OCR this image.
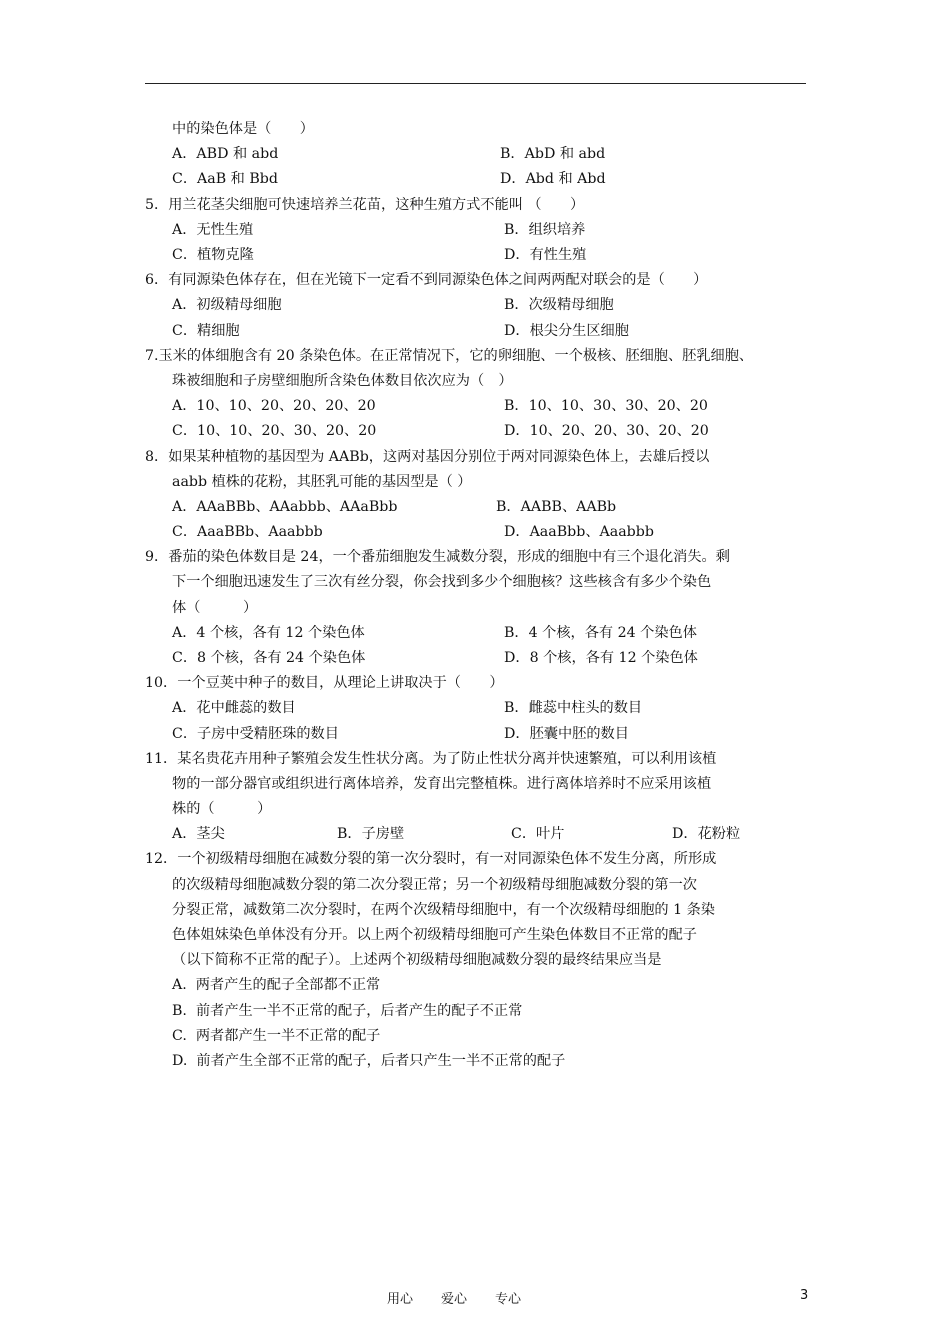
中的染色体是（　　）
A．ABD 和 abd	B．AbD 和 abd
C．AaB 和 Bbd	D．Abd 和 Abd
5．用兰花茎尖细胞可快速培养兰花苗，这种生殖方式不能叫 （　　）
A．无性生殖	B．组织培养
C．植物克隆	D．有性生殖
6．有同源染色体存在，但在光镜下一定看不到同源染色体之间两两配对联会的是（　　）
A．初级精母细胞	B．次级精母细胞
C．精细胞	D．根尖分生区细胞
7.玉米的体细胞含有 20 条染色体。在正常情况下，它的卵细胞、一个极核、胚细胞、胚乳细胞、
珠被细胞和子房壁细胞所含染色体数目依次应为（　）
A．10、10、20、20、20、20	B．10、10、30、30、20、20
C．10、10、20、30、20、20	D．10、20、20、30、20、20
8．如果某种植物的基因型为 AABb，这两对基因分别位于两对同源染色体上，去雄后授以
aabb 植株的花粉，其胚乳可能的基因型是（ ）
A．AAaBBb、AAabbb、AAaBbb	B．AABB、AABb
C．AaaBBb、Aaabbb	D．AaaBbb、Aaabbb
9．番茄的染色体数目是 24，一个番茄细胞发生减数分裂，形成的细胞中有三个退化消失。剩
下一个细胞迅速发生了三次有丝分裂，你会找到多少个细胞核？这些核含有多少个染色
体（　　　）
A．4 个核，各有 12 个染色体	B．4 个核，各有 24 个染色体
C．8 个核，各有 24 个染色体	D．8 个核，各有 12 个染色体
10．一个豆荚中种子的数目，从理论上讲取决于（　　）
A．花中雌蕊的数目	B．雌蕊中柱头的数目
C．子房中受精胚珠的数目	D．胚囊中胚的数目
11．某名贵花卉用种子繁殖会发生性状分离。为了防止性状分离并快速繁殖，可以利用该植
物的一部分器官或组织进行离体培养，发育出完整植株。进行离体培养时不应采用该植
株的（　　　）
A．茎尖	B．子房壁	C．叶片	D．花粉粒
12．一个初级精母细胞在减数分裂的第一次分裂时，有一对同源染色体不发生分离，所形成
的次级精母细胞减数分裂的第二次分裂正常；另一个初级精母细胞减数分裂的第一次
分裂正常，减数第二次分裂时，在两个次级精母细胞中，有一个次级精母细胞的 1 条染
色体姐妹染色单体没有分开。以上两个初级精母细胞可产生染色体数目不正常的配子
（以下简称不正常的配子）。上述两个初级精母细胞减数分裂的最终结果应当是
A.  两者产生的配子全部都不正常
B.  前者产生一半不正常的配子，后者产生的配子不正常
C.  两者都产生一半不正常的配子
D.  前者产生全部不正常的配子，后者只产生一半不正常的配子
用心 爱心 专心	3
